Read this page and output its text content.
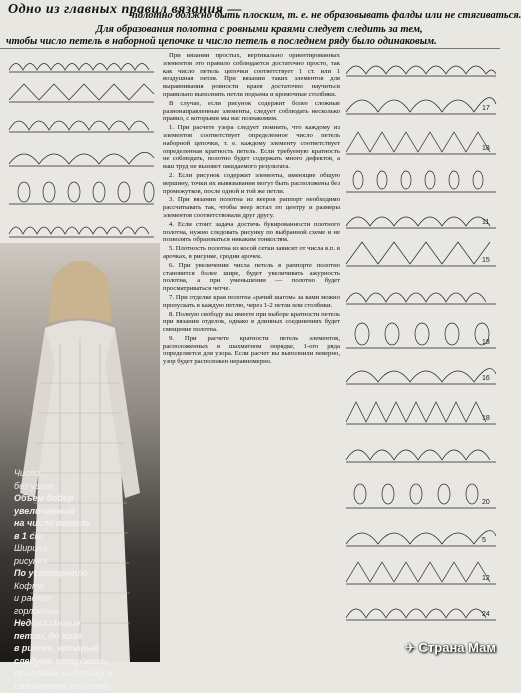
Одно из главных правил вязания —
полотно должно быть плоским, т. е. не образовывать фалды или не стягиваться.
Для образования полотна с ровными краями следует следить за тем,
чтобы число петель в наборной цепочке и число петель в последнем ряду было одинаковым.

При вязании простых, вертикально ориентированных элементов это правило соблюдается достаточно просто, так как число петель цепочки соответствует 1 ст. или 1 воздушная петля. При вязании таких элементов для выравнивания ровности краев достаточно научиться правильно выполнять петли подъема и кромочные столбики.

В случае, если рисунок содержит более сложные разнонаправленные элементы, следует соблюдать несколько правил, с которыми мы вас познакомим.

1. При расчете узора следует помнить, что каждому из элементов соответствует определенное число петель наборной цепочки, т. е. каждому элементу соответствует определенная кратность петель. Если требуемую кратность не соблюдать, полотно будет содержать много дефектов, а ваш труд не вызовет ожидаемого результата.

2. Если рисунок содержит элементы, имеющие общую вершину, точки их вывязывания могут быть расположены без промежутков, после одной и той же петли.

3. При вязании полотна из вееров раппорт необходимо рассчитывать так, чтобы веер встал по центру и размеры элементов соответствовали друг другу.

4. Если стоит задача достичь букированности плотного полотна, нужно следовать рисунку по выбранной схеме и не позволять образоваться никаким тонкостям.

5. Плотность полотна из косой сетки зависит от числа в.п. в арочках, в рисунке, сродни арочек.

6. При увеличении числа петель в раппорте полотно становится более шире, будет увеличивать ажурность полотна, а при уменьшении — полотно будет просматриваться четче.

7. При отделке края полотна «рачий шагом» за вами можно пропускать в каждую петлю, через 1-2 петли или столбики.

8. Полную свободу вы имеете при выборе кратности петель при вязании отделок, однако в длинных соединениях будет смещение полотна.

9. При расчете кратности петель элементов, расположенных в шахматном порядке, 1-ого ряда определяется для узора. Если расчет вы выполнили неверно, узор будет расположен неравномерно.

Число,
без узлов,
Объем бедер
увеличенный
на число петель
в 1 см.
Ширина
рисунка
По усмотрению
Кофта
и расчет
горловины
Недовязанные
петли, до края
в ритме, который
следует отпускать,
приложив выкройку к
связанному полотну
17
18
11
15
18
16
18
20
5
12
24
✈ Страна Мам
